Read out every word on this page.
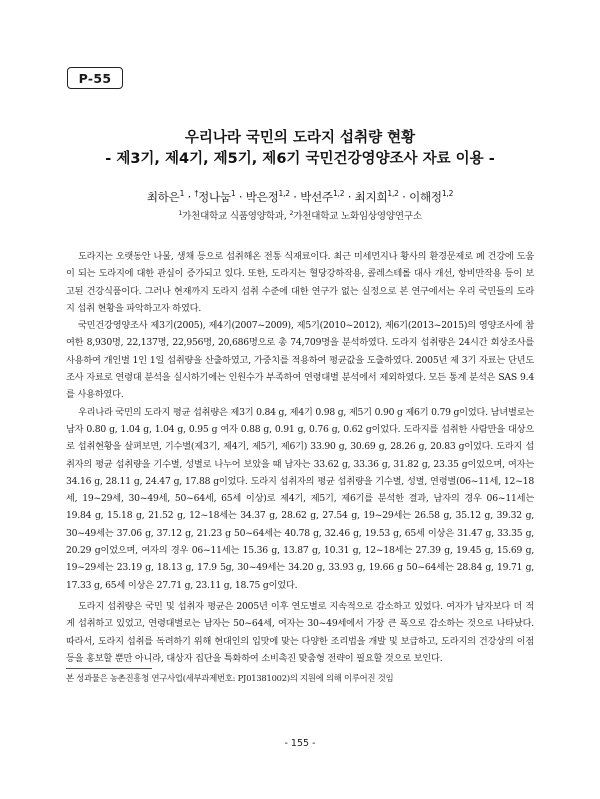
P-55
우리나라 국민의 도라지 섭취량 현황
- 제3기, 제4기, 제5기, 제6기 국민건강영양조사 자료 이용 -
최하은$^1$ · †정나눔$^1$ · 박은정$^{1,2}$ · 박선주$^{1,2}$ · 최지희$^{1,2}$ · 이해정$^{1,2}$
$^1$가천대학교 식품영양학과, $^2$가천대학교 노화임상영양연구소

도라지는 오랫동안 나물, 생채 등으로 섭취해온 전통 식재료이다. 최근 미세먼지나 황사의 환경문제로 폐 건강에 도움이 되는 도라지에 대한 관심이 증가되고 있다. 또한, 도라지는 혈당강하작용, 콜레스테롤 대사 개선, 항비만작용 등이 보고된 건강식품이다. 그러나 현재까지 도라지 섭취 수준에 대한 연구가 없는 실정으로 본 연구에서는 우리 국민들의 도라지 섭취 현황을 파악하고자 하였다.

국민건강영양조사 제3기(2005), 제4기(2007~2009), 제5기(2010~2012), 제6기(2013~2015)의 영양조사에 참여한 8,930명, 22,137명, 22,956명, 20,686명으로 총 74,709명을 분석하였다. 도라지 섭취량은 24시간 회상조사를 사용하여 개인별 1인 1일 섭취량을 산출하였고, 가중치를 적용하여 평균값을 도출하였다. 2005년 제 3기 자료는 단년도 조사 자료로 연령대 분석을 실시하기에는 인원수가 부족하여 연령대별 분석에서 제외하였다. 모든 통계 분석은 SAS 9.4를 사용하였다.

우리나라 국민의 도라지 평균 섭취량은 제3기 0.84 g, 제4기 0.98 g, 제5기 0.90 g 제6기 0.79 g이었다. 남녀별로는 남자 0.80 g, 1.04 g, 1.04 g, 0.95 g 여자 0.88 g, 0.91 g, 0.76 g, 0.62 g이었다. 도라지를 섭취한 사람만을 대상으로 섭취현황을 살펴보면, 기수별(제3기, 제4기, 제5기, 제6기) 33.90 g, 30.69 g, 28.26 g, 20.83 g이었다. 도라지 섭취자의 평균 섭취량을 기수별, 성별로 나누어 보았을 때 남자는 33.62 g, 33.36 g, 31.82 g, 23.35 g이었으며, 여자는 34.16 g, 28.11 g, 24.47 g, 17.88 g이었다. 도라지 섭취자의 평균 섭취량을 기수별, 성별, 연령별(06~11세, 12~18세, 19~29세, 30~49세, 50~64세, 65세 이상)로 제4기, 제5기, 제6기를 분석한 결과, 남자의 경우 06~11세는 19.84 g, 15.18 g, 21.52 g, 12~18세는 34.37 g, 28.62 g, 27.54 g, 19~29세는 26.58 g, 35.12 g, 39.32 g, 30~49세는 37.06 g, 37.12 g, 21.23 g 50~64세는 40.78 g, 32.46 g, 19.53 g, 65세 이상은 31.47 g, 33.35 g, 20.29 g이었으며, 여자의 경우 06~11세는 15.36 g, 13.87 g, 10.31 g, 12~18세는 27.39 g, 19.45 g, 15.69 g, 19~29세는 23.19 g, 18.13 g, 17.9 5g, 30~49세는 34.20 g, 33.93 g, 19.66 g 50~64세는 28.84 g, 19.71 g, 17.33 g, 65세 이상은 27.71 g, 23.11 g, 18.75 g이었다.

도라지 섭취량은 국민 및 섭취자 평균은 2005년 이후 연도별로 지속적으로 감소하고 있었다. 여자가 남자보다 더 적게 섭취하고 있었고, 연령대별로는 남자는 50~64세, 여자는 30~49세에서 가장 큰 폭으로 감소하는 것으로 나타났다. 따라서, 도라지 섭취를 독려하기 위해 현대인의 입맛에 맞는 다양한 조리법을 개발 및 보급하고, 도라지의 건강상의 이점 등을 홍보할 뿐만 아니라, 대상자 집단을 특화하여 소비촉진 맞춤형 전략이 필요할 것으로 보인다.

본 성과물은 농촌진흥청 연구사업(세부과제번호: PJ01381002)의 지원에 의해 이루어진 것임
- 155 -
